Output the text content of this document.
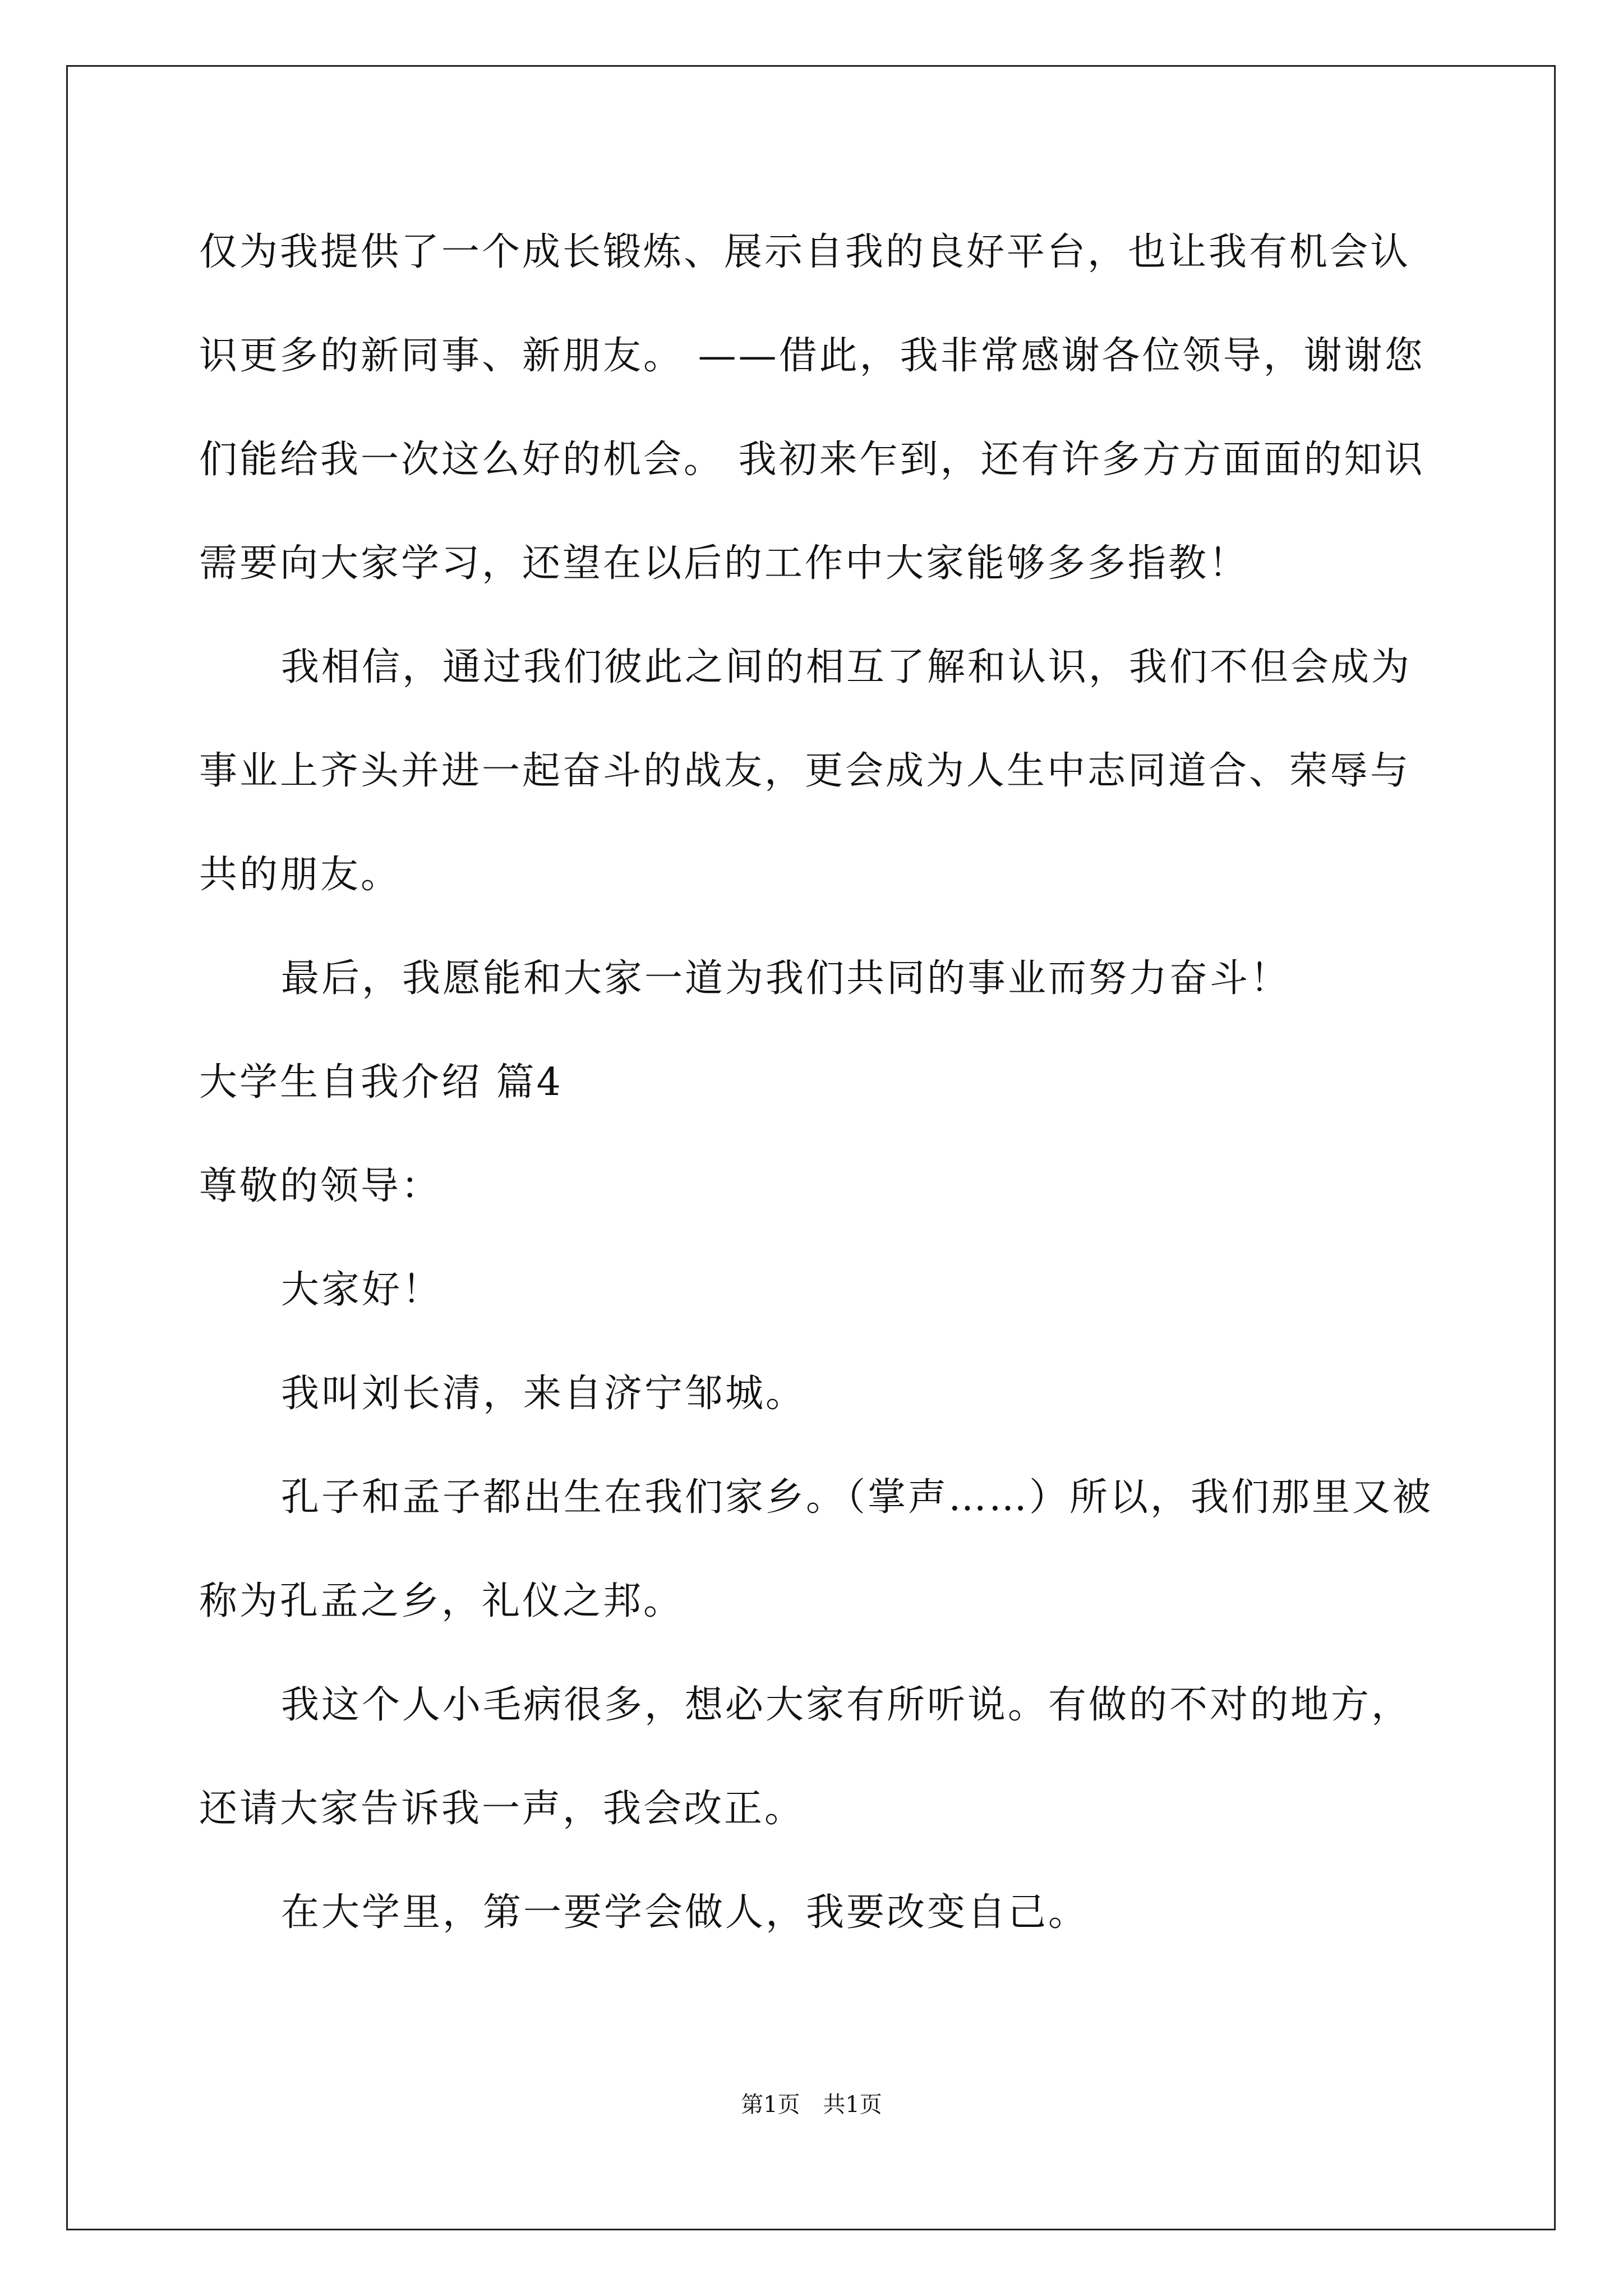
仅为我提供了一个成长锻炼、展示自我的良好平台，也让我有机会认
识更多的新同事、新朋友。 ——借此，我非常感谢各位领导，谢谢您
们能给我一次这么好的机会。 我初来乍到，还有许多方方面面的知识
需要向大家学习，还望在以后的工作中大家能够多多指教！
我相信，通过我们彼此之间的相互了解和认识，我们不但会成为
事业上齐头并进一起奋斗的战友，更会成为人生中志同道合、荣辱与
共的朋友。
最后，我愿能和大家一道为我们共同的事业而努力奋斗！
大学生自我介绍 篇4
尊敬的领导：
大家好！
我叫刘长清，来自济宁邹城。
孔子和孟子都出生在我们家乡。（掌声……）所以，我们那里又被
称为孔孟之乡，礼仪之邦。
我这个人小毛病很多，想必大家有所听说。有做的不对的地方，
还请大家告诉我一声，我会改正。
在大学里，第一要学会做人，我要改变自己。
第1页 共1页
